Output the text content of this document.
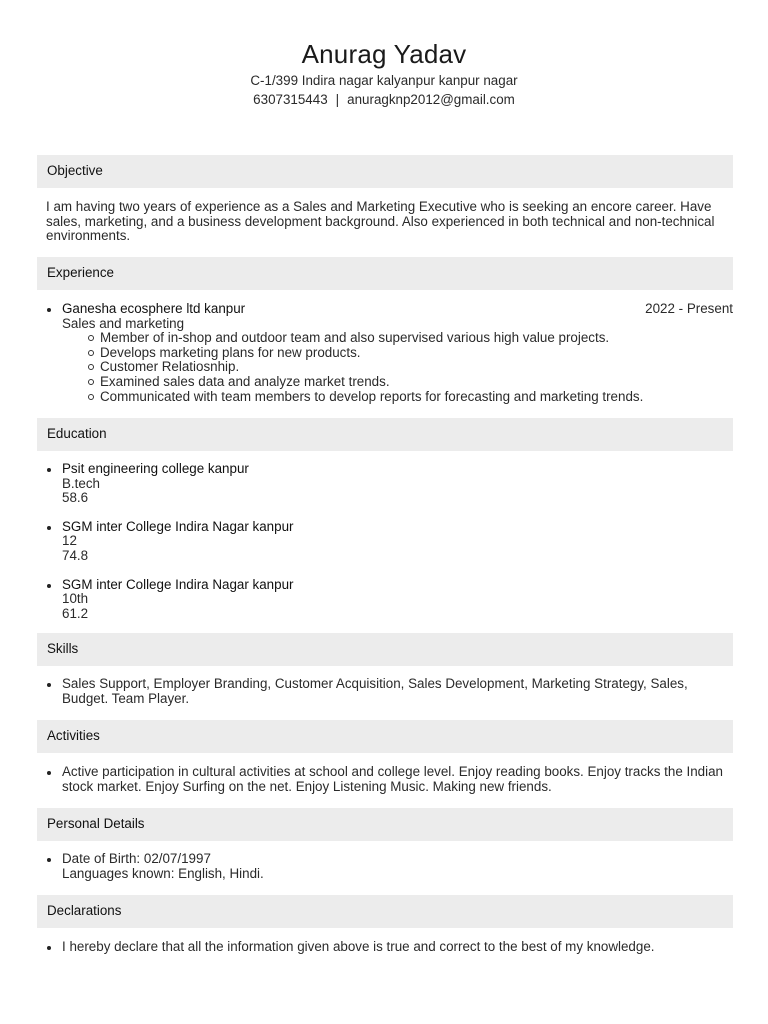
Anurag Yadav
C-1/399 Indira nagar kalyanpur kanpur nagar
6307315443 | anuragknp2012@gmail.com
Objective
I am having two years of experience as a Sales and Marketing Executive who is seeking an encore career. Have sales, marketing, and a business development background. Also experienced in both technical and non-technical environments.
Experience
Ganesha ecosphere ltd kanpur	2022 - Present
Sales and marketing
Member of in-shop and outdoor team and also supervised various high value projects.
Develops marketing plans for new products.
Customer Relatiosnhip.
Examined sales data and analyze market trends.
Communicated with team members to develop reports for forecasting and marketing trends.
Education
Psit engineering college kanpur
B.tech
58.6
SGM inter College Indira Nagar kanpur
12
74.8
SGM inter College Indira Nagar kanpur
10th
61.2
Skills
Sales Support, Employer Branding, Customer Acquisition, Sales Development, Marketing Strategy, Sales, Budget. Team Player.
Activities
Active participation in cultural activities at school and college level. Enjoy reading books. Enjoy tracks the Indian stock market. Enjoy Surfing on the net. Enjoy Listening Music. Making new friends.
Personal Details
Date of Birth: 02/07/1997
Languages known: English, Hindi.
Declarations
I hereby declare that all the information given above is true and correct to the best of my knowledge.
